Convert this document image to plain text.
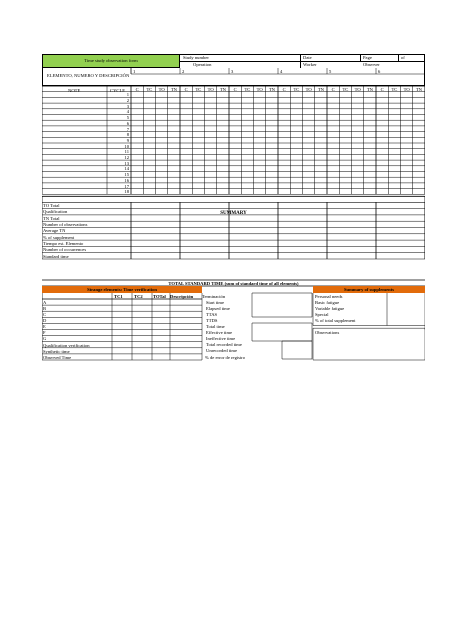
Time study observation form
Study number	Date	Page	of
Operation	Worker	Observer
ELEMENTO, NUMERO Y DESCRIPCIÓN
1	2	3	4	5	6
NOTE	CYCLE	C	TC	TO	TN	C	TC	TO	TN	C	TC	TO	TN	C	TC	TO	TN	C	TC	TO	TN	C	TC	TO	TN
1
2
3
4
5
6
7
8
9
10
11
12
13
14
15
16
17
18
SUMMARY
TO Total
Qualification
TN Total
Number of observations
Average TN
% of supplement
Tiempo est. Elemento
Number of occurrences
Standard time
TOTAL STANDARD TIME (sum of standard time of all elements)
Strange elements: Time verification	Summary of supplements
TC1 TC2 TOTal Descripción
A
B
C
D
E
F
G
Qualification verification
Synthetic time
Observed Time
Terminación
Start time
Elapsed time
TTAS
TTDS
Total time
Effective time
Ineffective time
Total recorded time
Unrecorded time
% de error de registro
Personal needs
Basic fatigue
Variable fatigue
Special
% of total supplement
Observations
